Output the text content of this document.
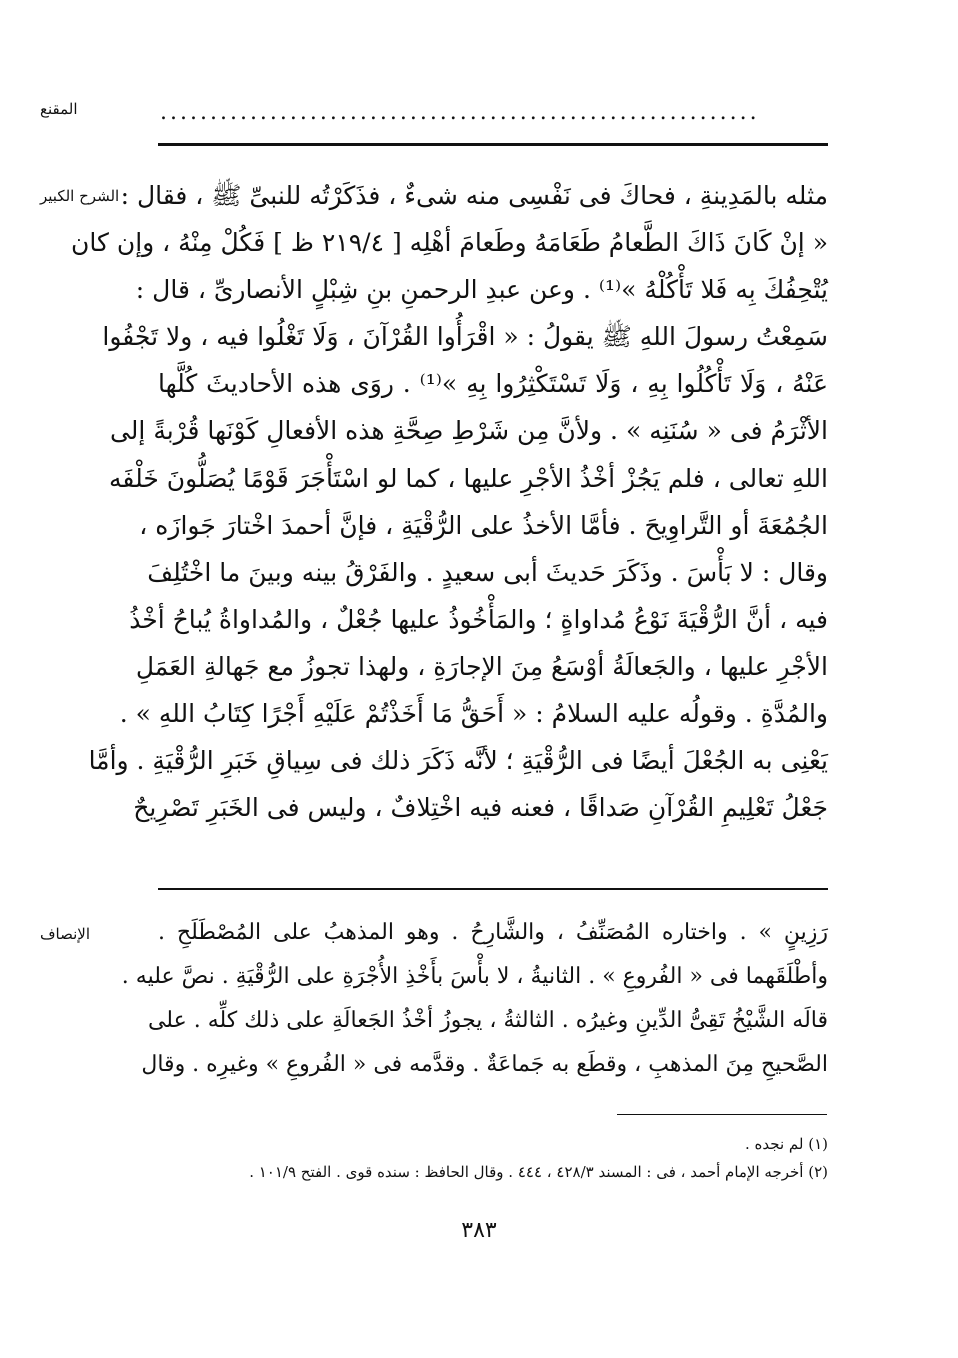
المقنع	............................................................
الشرح الكبير مثله بالمَدِينةِ ، فحاكَ فى نَفْسِى منه شىءٌ ، فذَكَرْتُه للنبىِّ ﷺ ، فقال :
« إنْ كَانَ ذَاكَ الطَّعامُ طَعَامَهُ وطَعامَ أهْلِه [ ٢١٩/٤ ظ ] فَكُلْ مِنْهُ ، وإن كان
يُتْحِفُكَ بِه فَلا تَأْكُلْهُ »⁽¹⁾ . وعن عبدِ الرحمنِ بنِ شِبْلٍ الأنصارىِّ ، قال :
سَمِعْتُ رسولَ اللهِ ﷺ يقولُ : « اقْرَأُوا القُرْآنَ ، وَلَا تَغْلُوا فيه ، ولا تَجْفُوا
عَنْهُ ، وَلَا تَأْكُلُوا بِهِ ، وَلَا تَسْتَكْثِرُوا بِهِ »⁽¹⁾ . روَى هذه الأحاديثَ كُلَّها
الأثْرَمُ فى « سُنَنِه » . ولأنَّ مِن شَرْطِ صِحَّةِ هذه الأفعالِ كَوْنَها قُرْبةً إلى
اللهِ تعالى ، فلم يَجُزْ أخْذُ الأجْرِ عليها ، كما لو اسْتَأْجَرَ قَوْمًا يُصَلُّونَ خَلْفَه
الجُمُعَةَ أو التَّراوِيحَ . فأمَّا الأخذُ على الرُّقْيَةِ ، فإنَّ أحمدَ اخْتارَ جَوازَه ،
وقال : لا بَأْسَ . وذَكَرَ حَديثَ أبى سعيدٍ . والفَرْقُ بينه وبينَ ما اخْتُلِفَ
فيه ، أنَّ الرُّقْيَةَ نَوْعُ مُداواةٍ ؛ والمَأْخُوذُ عليها جُعْلٌ ، والمُداواةُ يُباحُ أخْذُ
الأجْرِ عليها ، والجَعالَةُ أوْسَعُ مِنَ الإجارَةِ ، ولهذا تجوزُ مع جَهالةِ العَمَلِ
والمُدَّةِ . وقولُه عليه السلامُ : « أَحَقُّ مَا أَخَذْتُمْ عَلَيْهِ أَجْرًا كِتَابُ اللهِ » .
يَعْنِى به الجُعْلَ أيضًا فى الرُّقْيَةِ ؛ لأنَّه ذَكَرَ ذلك فى سِياقِ خَبَرِ الرُّقْيَةِ . وأمَّا
جَعْلُ تَعْلِيمِ القُرْآنِ صَداقًا ، فعنه فيه اخْتِلافٌ ، وليس فى الخَبَرِ تَصْرِيحٌ
الإنصاف	رَزِينٍ » . واختاره المُصَنِّفُ ، والشَّارِحُ . وهو المذهبُ على المُصْطَلَحِ .
وأطْلَقَهما فى « الفُروعِ » . الثانيةُ ، لا بأْسَ بأَخْذِ الأُجْرَةِ على الرُّقْيَةِ . نصَّ عليه .
قالَه الشَّيْخُ تَقِىُّ الدِّينِ وغيرُه . الثالثةُ ، يجوزُ أخْذُ الجَعالَةِ على ذلك كلِّه . على
الصَّحيحِ مِنَ المذهبِ ، وقطَع به جَماعَةٌ . وقدَّمه فى « الفُروعِ » وغيرِه . وقال
(١) لم نجده .
(٢) أخرجه الإمام أحمد ، فى : المسند ٤٢٨/٣ ، ٤٤٤ . وقال الحافظ : سنده قوى . الفتح ١٠١/٩ .
٣٨٣
